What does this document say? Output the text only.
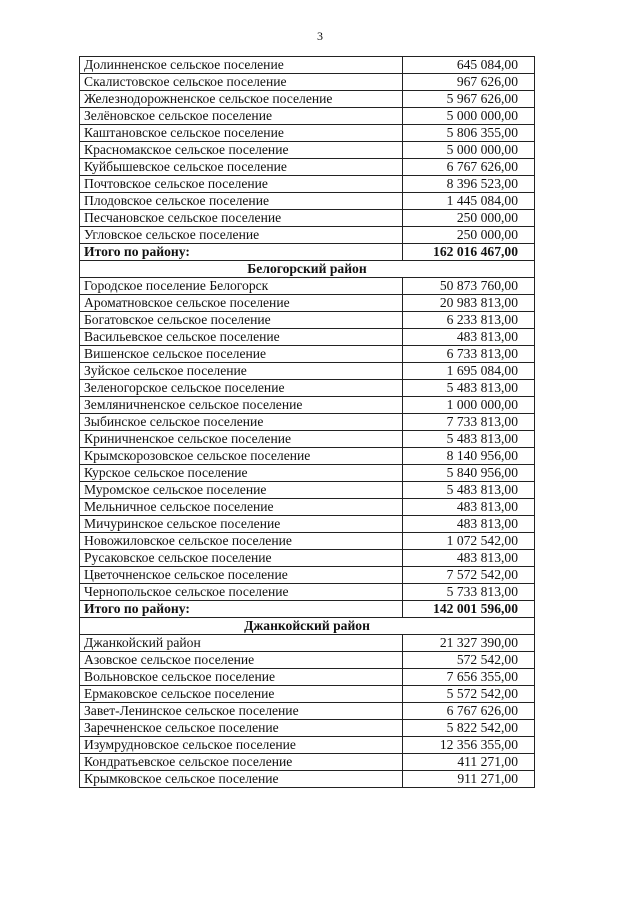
3
Долинненское сельское поселение	645 084,00
Скалистовское сельское поселение	967 626,00
Железнодорожненское сельское поселение	5 967 626,00
Зелёновское сельское поселение	5 000 000,00
Каштановское сельское поселение	5 806 355,00
Красномакское сельское поселение	5 000 000,00
Куйбышевское сельское поселение	6 767 626,00
Почтовское сельское поселение	8 396 523,00
Плодовское сельское поселение	1 445 084,00
Песчановское сельское поселение	250 000,00
Угловское сельское поселение	250 000,00
Итого по району:	162 016 467,00
Белогорский район	
Городское поселение Белогорск	50 873 760,00
Ароматновское сельское поселение	20 983 813,00
Богатовское сельское поселение	6 233 813,00
Васильевское сельское поселение	483 813,00
Вишенское сельское поселение	6 733 813,00
Зуйское сельское поселение	1 695 084,00
Зеленогорское сельское поселение	5 483 813,00
Земляничненское сельское поселение	1 000 000,00
Зыбинское сельское поселение	7 733 813,00
Криничненское сельское поселение	5 483 813,00
Крымскорозовское сельское поселение	8 140 956,00
Курское сельское поселение	5 840 956,00
Муромское сельское поселение	5 483 813,00
Мельничное сельское поселение	483 813,00
Мичуринское сельское поселение	483 813,00
Новожиловское сельское поселение	1 072 542,00
Русаковское сельское поселение	483 813,00
Цветочненское сельское поселение	7 572 542,00
Чернопольское сельское поселение	5 733 813,00
Итого по району:	142 001 596,00
Джанкойский район	
Джанкойский район	21 327 390,00
Азовское сельское поселение	572 542,00
Вольновское сельское поселение	7 656 355,00
Ермаковское сельское поселение	5 572 542,00
Завет-Ленинское сельское поселение	6 767 626,00
Заречненское сельское поселение	5 822 542,00
Изумрудновское сельское поселение	12 356 355,00
Кондратьевское сельское поселение	411 271,00
Крымковское сельское поселение	911 271,00
